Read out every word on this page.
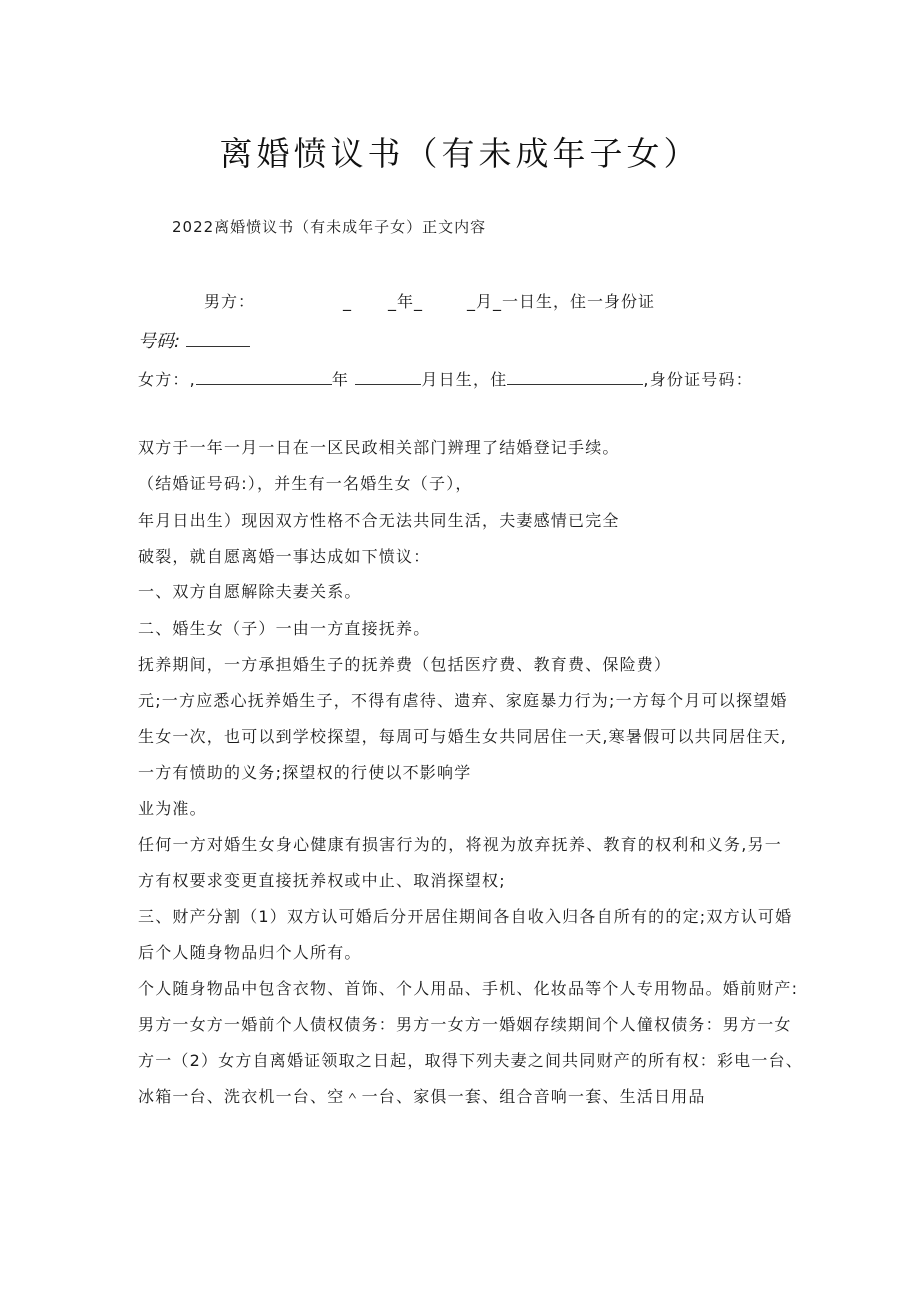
离婚愤议书（有未成年子女）
2022离婚愤议书（有未成年子女）正文内容
男方：	_ _年_	_月_一日生，住一身份证
号码:
女方：,	年	月日生，住	,身份证号码：
双方于一年一月一日在一区民政相关部门辨理了结婚登记手续。
（结婚证号码:），并生有一名婚生女（子），
年月日出生）现因双方性格不合无法共同生活，夫妻感情已完全
破裂，就自愿离婚一事达成如下愤议：
一、双方自愿解除夫妻关系。
二、婚生女（子）一由一方直接抚养。
抚养期间，一方承担婚生子的抚养费（包括医疗费、教育费、保险费）
元;一方应悉心抚养婚生子，不得有虐待、遗弃、家庭暴力行为;一方每个月可以探望婚
生女一次，也可以到学校探望，每周可与婚生女共同居住一天,寒暑假可以共同居住天,
一方有愤助的义务;探望权的行使以不影响学
业为准。
任何一方对婚生女身心健康有损害行为的，将视为放弃抚养、教育的权利和义务,另一
方有权要求变更直接抚养权或中止、取消探望权;
三、财产分割（1）双方认可婚后分开居住期间各自收入归各自所有的的定;双方认可婚
后个人随身物品归个人所有。
个人随身物品中包含衣物、首饰、个人用品、手机、化妆品等个人专用物品。婚前财产:
男方一女方一婚前个人债权债务：男方一女方一婚姻存续期间个人僮权债务：男方一女
方一（2）女方自离婚证领取之日起，取得下列夫妻之间共同财产的所有权：彩电一台、
冰箱一台、洗衣机一台、空＾一台、家俱一套、组合音响一套、生活日用品
